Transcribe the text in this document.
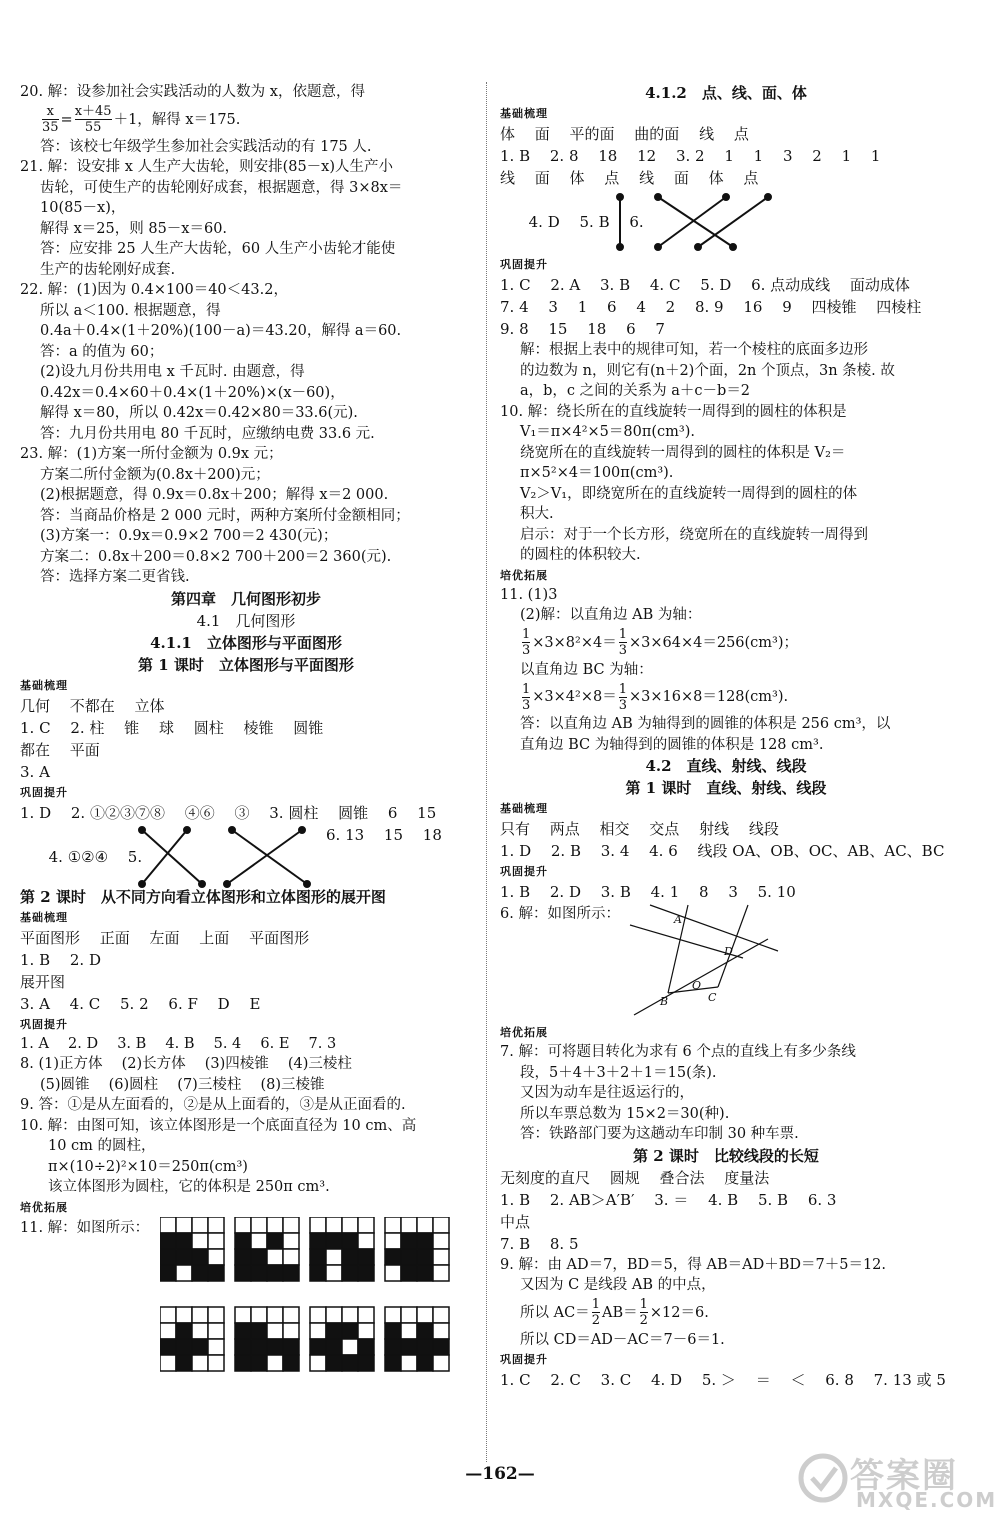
20. 解：设参加社会实践活动的人数为 x，依题意，得
$\frac{x}{35} = \frac{x+45}{55} +1$，解得 x＝175.
答：该校七年级学生参加社会实践活动的有 175 人.
21. 解：设安排 x 人生产大齿轮，则安排(85－x)人生产小
齿轮，可使生产的齿轮刚好成套，根据题意，得 3×8x＝
10(85－x)，
解得 x＝25，则 85－x＝60.
答：应安排 25 人生产大齿轮，60 人生产小齿轮才能使
生产的齿轮刚好成套.
22. 解：(1)因为 0.4×100＝40＜43.2，
所以 a＜100. 根据题意，得
0.4a＋0.4×(1＋20%)(100－a)＝43.20，解得 a＝60.
答：a 的值为 60；
(2)设九月份共用电 x 千瓦时. 由题意，得
0.42x＝0.4×60＋0.4×(1＋20%)×(x－60)，
解得 x＝80，所以 0.42x＝0.42×80＝33.6(元).
答：九月份共用电 80 千瓦时，应缴纳电费 33.6 元.
23. 解：(1)方案一所付金额为 0.9x 元；
方案二所付金额为(0.8x＋200)元；
(2)根据题意，得 0.9x＝0.8x＋200；解得 x＝2 000.
答：当商品价格是 2 000 元时，两种方案所付金额相同；
(3)方案一：0.9x＝0.9×2 700＝2 430(元)；
方案二：0.8x＋200＝0.8×2 700＋200＝2 360(元).
答：选择方案二更省钱.
第四章　几何图形初步
4.1　几何图形
4.1.1　立体图形与平面图形
第 1 课时　立体图形与平面图形
基础梳理
几何　 不都在　 立体
1. C　 2. 柱　 锥　 球　 圆柱　 棱锥　 圆锥
都在　 平面
3. A
巩固提升
1. D　 2. ①②③⑦⑧　 ④⑥　 ③　 3. 圆柱　 圆锥　 6　 15

4. ①②④　 5.

6. 13　 15　 18

第 2 课时　从不同方向看立体图形和立体图形的展开图
基础梳理
平面图形　 正面　 左面　 上面　 平面图形
1. B　 2. D
展开图
3. A　 4. C　 5. 2　 6. F　 D　 E
巩固提升
1. A　 2. D　 3. B　 4. B　 5. 4　 6. E　 7. 3
8. (1)正方体　 (2)长方体　 (3)四棱锥　 (4)三棱柱
(5)圆锥　 (6)圆柱　 (7)三棱柱　 (8)三棱锥
9. 答：①是从左面看的，②是从上面看的，③是从正面看的.
10. 解：由图可知，该立体图形是一个底面直径为 10 cm、高
10 cm 的圆柱，
π×(10÷2)²×10＝250π(cm³)
该立体图形为圆柱，它的体积是 250π cm³.
培优拓展
11. 解：如图所示：
4.1.2　点、线、面、体
基础梳理
体　 面　 平的面　 曲的面　 线　 点
1. B　 2. 8　 18　 12　 3. 2　 1　 1　 3　 2　 1　 1
线　 面　 体　 点　 线　 面　 体　 点

4. D　 5. B　 6.

巩固提升
1. C　 2. A　 3. B　 4. C　 5. D　 6. 点动成线　 面动成体
7. 4　 3　 1　 6　 4　 2　 8. 9　 16　 9　 四棱锥　 四棱柱
9. 8　 15　 18　 6　 7
解：根据上表中的规律可知，若一个棱柱的底面多边形
的边数为 n，则它有(n＋2)个面，2n 个顶点，3n 条棱. 故
a，b，c 之间的关系为 a＋c－b＝2
10. 解：绕长所在的直线旋转一周得到的圆柱的体积是
V₁＝π×4²×5＝80π(cm³).
绕宽所在的直线旋转一周得到的圆柱的体积是 V₂＝
π×5²×4＝100π(cm³).
V₂＞V₁，即绕宽所在的直线旋转一周得到的圆柱的体
积大.
启示：对于一个长方形，绕宽所在的直线旋转一周得到
的圆柱的体积较大.
培优拓展
11. (1)3
(2)解：以直角边 AB 为轴：
$\frac{1}{3} \times 3\times 8^2\times 4= \frac{1}{3} \times 3\times 64\times 4=256(cm^3)$；
以直角边 BC 为轴：
$\frac{1}{3} \times 3\times 4^2\times 8= \frac{1}{3} \times 3\times 16\times 8=128(cm^3)$.
答：以直角边 AB 为轴得到的圆锥的体积是 256 cm³，以
直角边 BC 为轴得到的圆锥的体积是 128 cm³.
4.2　直线、射线、线段
第 1 课时　直线、射线、线段
基础梳理
只有　 两点　 相交　 交点　 射线　 线段
1. D　 2. B　 3. 4　 4. 6　 线段 OA、OB、OC、AB、AC、BC
巩固提升
1. B　 2. D　 3. B　 4. 1　 8　 3　 5. 10
6. 解：如图所示：	A
B	C
D
O
培优拓展
7. 解：可将题目转化为求有 6 个点的直线上有多少条线
段，5＋4＋3＋2＋1＝15(条).
又因为动车是往返运行的，
所以车票总数为 15×2＝30(种).
答：铁路部门要为这趟动车印制 30 种车票.
第 2 课时　比较线段的长短
无刻度的直尺　 圆规　 叠合法　 度量法
1. B　 2. AB＞A′B′　 3. ＝　 4. B　 5. B　 6. 3
中点
7. B　 8. 5
9. 解：由 AD＝7，BD＝5，得 AB＝AD＋BD＝7＋5＝12.
又因为 C 是线段 AB 的中点，
所以 $AC= \frac{1}{2} AB= \frac{1}{2} \times 12=6$.
所以 CD＝AD－AC＝7－6＝1.
巩固提升
1. C　 2. C　 3. C　 4. D　 5. ＞　 ＝　 ＜　 6. 8　 7. 13 或 5
—162—	答案圈
MXQE.COM
